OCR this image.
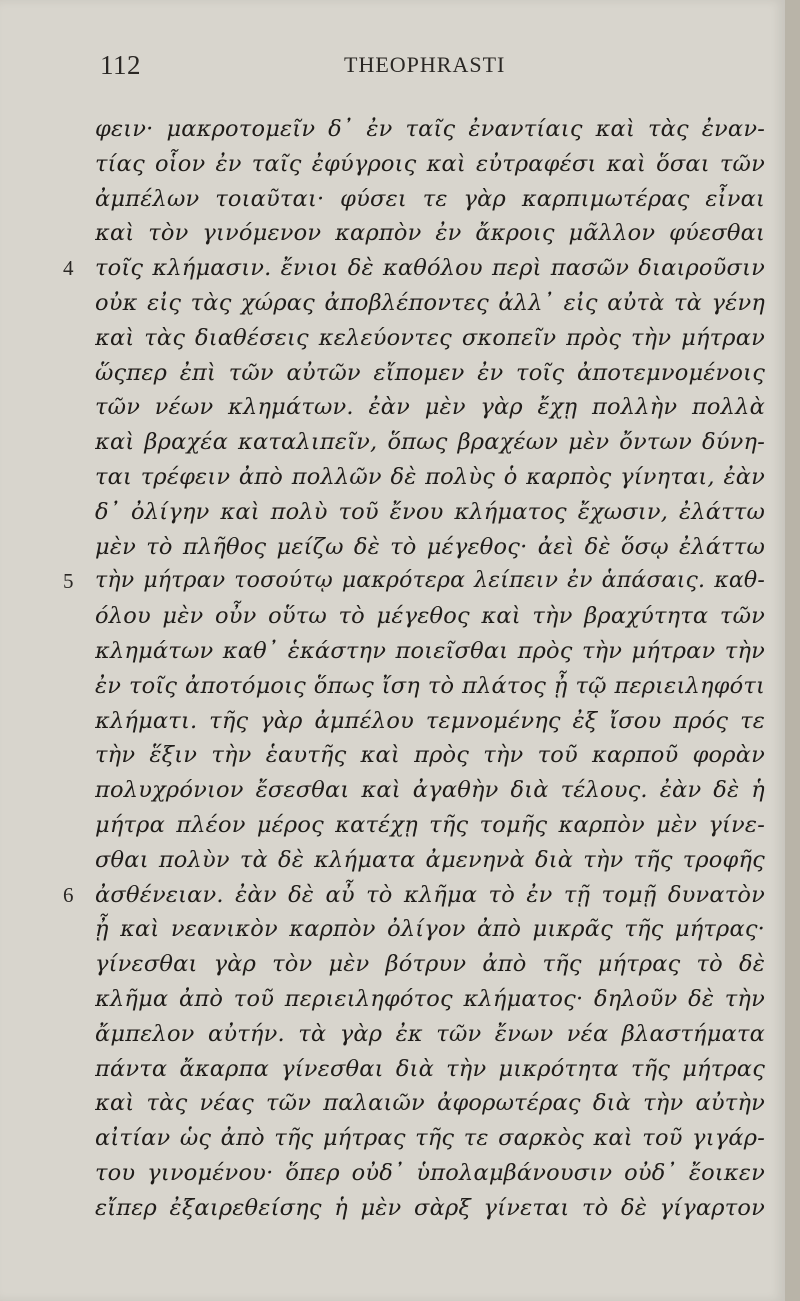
112	THEOPHRASTI
φειν· μακροτομεῖν δ᾽ ἐν ταῖς ἐναντίαις καὶ τὰς ἐναν-
τίας οἷον ἐν ταῖς ἐφύγροις καὶ εὐτραφέσι καὶ ὅσαι τῶν
ἀμπέλων τοιαῦται· φύσει τε γὰρ καρπιμωτέρας εἶναι
καὶ τὸν γινόμενον καρπὸν ἐν ἄκροις μᾶλλον φύεσθαι
4 τοῖς κλήμασιν. ἔνιοι δὲ καθόλου περὶ πασῶν διαιροῦσιν
οὐκ εἰς τὰς χώρας ἀποβλέποντες ἀλλ᾽ εἰς αὐτὰ τὰ γένη
καὶ τὰς διαθέσεις κελεύοντες σκοπεῖν πρὸς τὴν μήτραν
ὥςπερ ἐπὶ τῶν αὐτῶν εἴπομεν ἐν τοῖς ἀποτεμνομένοις
τῶν νέων κλημάτων. ἐὰν μὲν γὰρ ἔχῃ πολλὴν πολλὰ
καὶ βραχέα καταλιπεῖν, ὅπως βραχέων μὲν ὄντων δύνη-
ται τρέφειν ἀπὸ πολλῶν δὲ πολὺς ὁ καρπὸς γίνηται, ἐὰν
δ᾽ ὀλίγην καὶ πολὺ τοῦ ἔνου κλήματος ἔχωσιν, ἐλάττω
μὲν τὸ πλῆθος μείζω δὲ τὸ μέγεθος· ἀεὶ δὲ ὅσῳ ἐλάττω
5 τὴν μήτραν τοσούτῳ μακρότερα λείπειν ἐν ἁπάσαις. καθ-
όλου μὲν οὖν οὕτω τὸ μέγεθος καὶ τὴν βραχύτητα τῶν
κλημάτων καθ᾽ ἑκάστην ποιεῖσθαι πρὸς τὴν μήτραν τὴν
ἐν τοῖς ἀποτόμοις ὅπως ἴση τὸ πλάτος ᾖ τῷ περιειληφότι
κλήματι. τῆς γὰρ ἀμπέλου τεμνομένης ἐξ ἴσου πρός τε
τὴν ἕξιν τὴν ἑαυτῆς καὶ πρὸς τὴν τοῦ καρποῦ φορὰν
πολυχρόνιον ἔσεσθαι καὶ ἀγαθὴν διὰ τέλους. ἐὰν δὲ ἡ
μήτρα πλέον μέρος κατέχῃ τῆς τομῆς καρπὸν μὲν γίνε-
σθαι πολὺν τὰ δὲ κλήματα ἀμενηνὰ διὰ τὴν τῆς τροφῆς
6 ἀσθένειαν. ἐὰν δὲ αὖ τὸ κλῆμα τὸ ἐν τῇ τομῇ δυνατὸν
ᾖ καὶ νεανικὸν καρπὸν ὀλίγον ἀπὸ μικρᾶς τῆς μήτρας·
γίνεσθαι γὰρ τὸν μὲν βότρυν ἀπὸ τῆς μήτρας τὸ δὲ
κλῆμα ἀπὸ τοῦ περιειληφότος κλήματος· δηλοῦν δὲ τὴν
ἄμπελον αὐτήν. τὰ γὰρ ἐκ τῶν ἔνων νέα βλαστήματα
πάντα ἄκαρπα γίνεσθαι διὰ τὴν μικρότητα τῆς μήτρας
καὶ τὰς νέας τῶν παλαιῶν ἀφορωτέρας διὰ τὴν αὐτὴν
αἰτίαν ὡς ἀπὸ τῆς μήτρας τῆς τε σαρκὸς καὶ τοῦ γιγάρ-
του γινομένου· ὅπερ οὐδ᾽ ὑπολαμβάνουσιν οὐδ᾽ ἔοικεν
εἴπερ ἐξαιρεθείσης ἡ μὲν σὰρξ γίνεται τὸ δὲ γίγαρτον
